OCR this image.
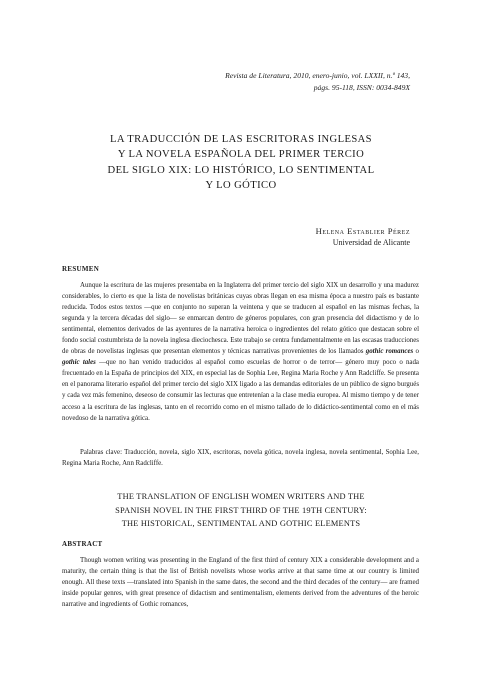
Revista de Literatura, 2010, enero-junio, vol. LXXII, n.º 143,
págs. 95-118, ISSN: 0034-849X
LA TRADUCCIÓN DE LAS ESCRITORAS INGLESAS
Y LA NOVELA ESPAÑOLA DEL PRIMER TERCIO
DEL SIGLO XIX: LO HISTÓRICO, LO SENTIMENTAL
Y LO GÓTICO
Helena Establier Pérez
Universidad de Alicante
RESUMEN

Aunque la escritura de las mujeres presentaba en la Inglaterra del primer tercio del siglo XIX un desarrollo y una madurez considerables, lo cierto es que la lista de novelistas británicas cuyas obras llegan en esa misma época a nuestro país es bastante reducida. Todos estos textos —que en conjunto no superan la veintena y que se traducen al español en las mismas fechas, la segunda y la tercera décadas del siglo— se enmarcan dentro de géneros populares, con gran presencia del didactismo y de lo sentimental, elementos derivados de las ayentures de la narrativa heroica o ingredientes del relato gótico que destacan sobre el fondo social costumbrista de la novela inglesa dieciochesca. Este trabajo se centra fundamentalmente en las escasas traducciones de obras de novelistas inglesas que presentan elementos y técnicas narrativas provenientes de los llamados gothic romances o gothic tales —que no han venido traducidos al español como escuelas de horror o de terror— género muy poco o nada frecuentado en la España de principios del XIX, en especial las de Sophia Lee, Regina Maria Roche y Ann Radcliffe. Se presenta en el panorama literario español del primer tercio del siglo XIX ligado a las demandas editoriales de un público de signo burgués y cada vez más femenino, deseoso de consumir las lecturas que entretenían a la clase media europea. Al mismo tiempo y de tener acceso a la escritura de las inglesas, tanto en el recorrido como en el mismo tallado de lo didáctico-sentimental como en el más novedoso de la narrativa gótica.

Palabras clave: Traducción, novela, siglo XIX, escritoras, novela gótica, novela inglesa, novela sentimental, Sophia Lee, Regina Maria Roche, Ann Radcliffe.
THE TRANSLATION OF ENGLISH WOMEN WRITERS AND THE
SPANISH NOVEL IN THE FIRST THIRD OF THE 19TH CENTURY:
THE HISTORICAL, SENTIMENTAL AND GOTHIC ELEMENTS
ABSTRACT

Though women writing was presenting in the England of the first third of century XIX a considerable development and a maturity, the certain thing is that the list of British novelists whose works arrive at that same time at our country is limited enough. All these texts —translated into Spanish in the same dates, the second and the third decades of the century— are framed inside popular genres, with great presence of didactism and sentimentalism, elements derived from the adventures of the heroic narrative and ingredients of Gothic romances,
